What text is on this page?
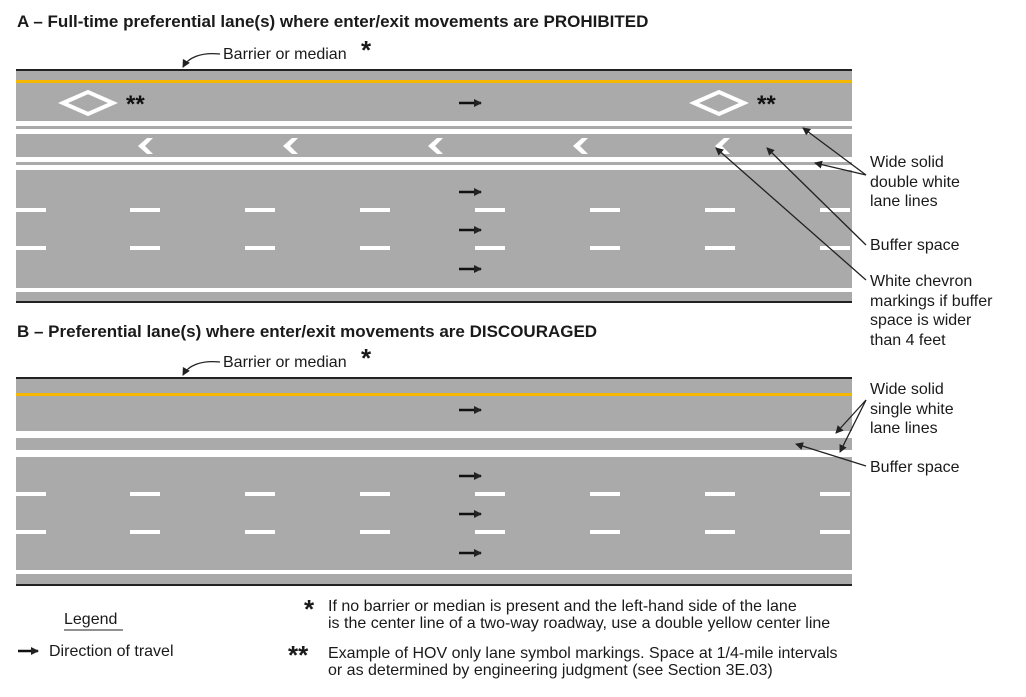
A – Full-time preferential lane(s) where enter/exit movements are PROHIBITED
B – Preferential lane(s) where enter/exit movements are DISCOURAGED
Barrier or median *
Barrier or median *
**	**
Wide solid
double white
lane lines
Buffer space
White chevron
markings if buffer
space is wider
than 4 feet
Wide solid
single white
lane lines
Buffer space
Legend
Direction of travel
* If no barrier or median is present and the left-hand side of the lane
is the center line of a two-way roadway, use a double yellow center line
** Example of HOV only lane symbol markings. Space at 1/4-mile intervals
or as determined by engineering judgment (see Section 3E.03)
